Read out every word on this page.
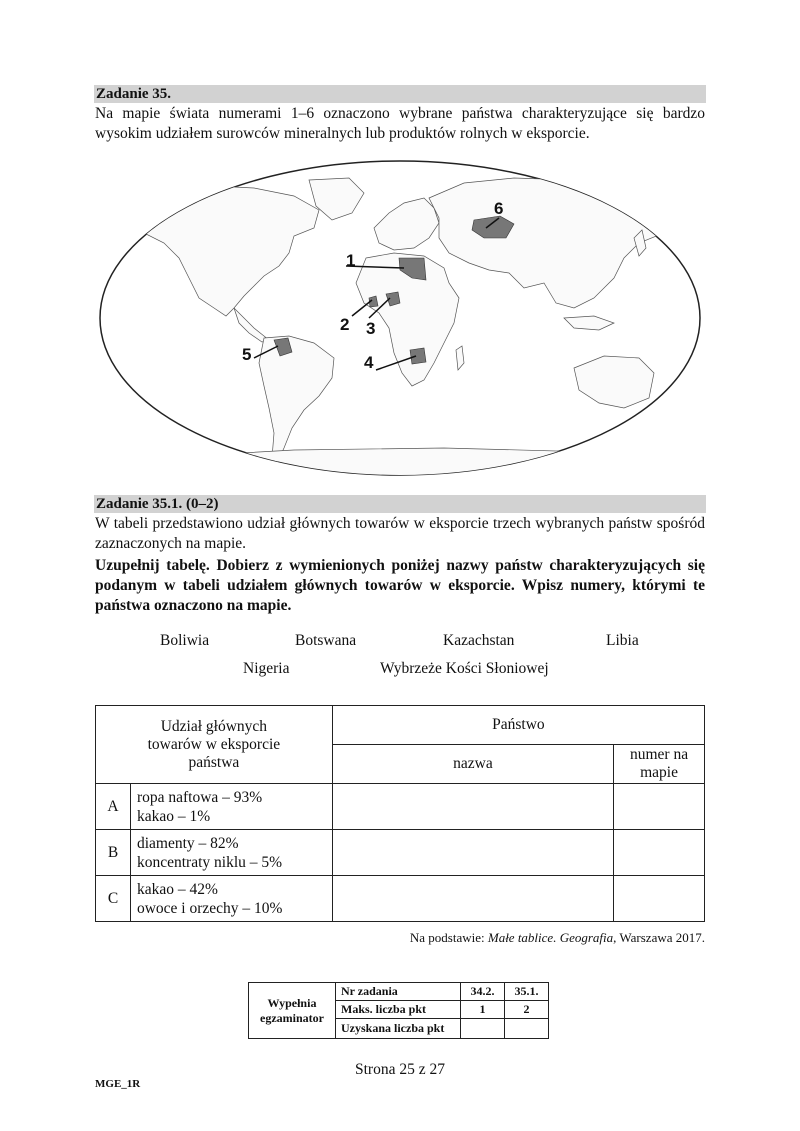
Zadanie 35.
Na mapie świata numerami 1–6 oznaczono wybrane państwa charakteryzujące się bardzo wysokim udziałem surowców mineralnych lub produktów rolnych w eksporcie.
1
2 3
4
5
6
Zadanie 35.1. (0–2)
W tabeli przedstawiono udział głównych towarów w eksporcie trzech wybranych państw spośród zaznaczonych na mapie.
Uzupełnij tabelę. Dobierz z wymienionych poniżej nazwy państw charakteryzujących się podanym w tabeli udziałem głównych towarów w eksporcie. Wpisz numery, którymi te państwa oznaczono na mapie.
Boliwia	Botswana	Kazachstan	Libia
Nigeria	Wybrzeże Kości Słoniowej
Udział głównych towarów w eksporcie państwa		Państwo	
		nazwa	numer na mapie
A	ropa naftowa – 93%
kakao – 1%		

B	diamenty – 82%
koncentraty niklu – 5%		

C	kakao – 42%
owoce i orzechy – 10%		

Na podstawie: Małe tablice. Geografia, Warszawa 2017.
Wypełnia egzaminator	Nr zadania	34.2.	35.1.
	Maks. liczba pkt	1	2
	Uzyskana liczba pkt		
Strona 25 z 27
MGE_1R
